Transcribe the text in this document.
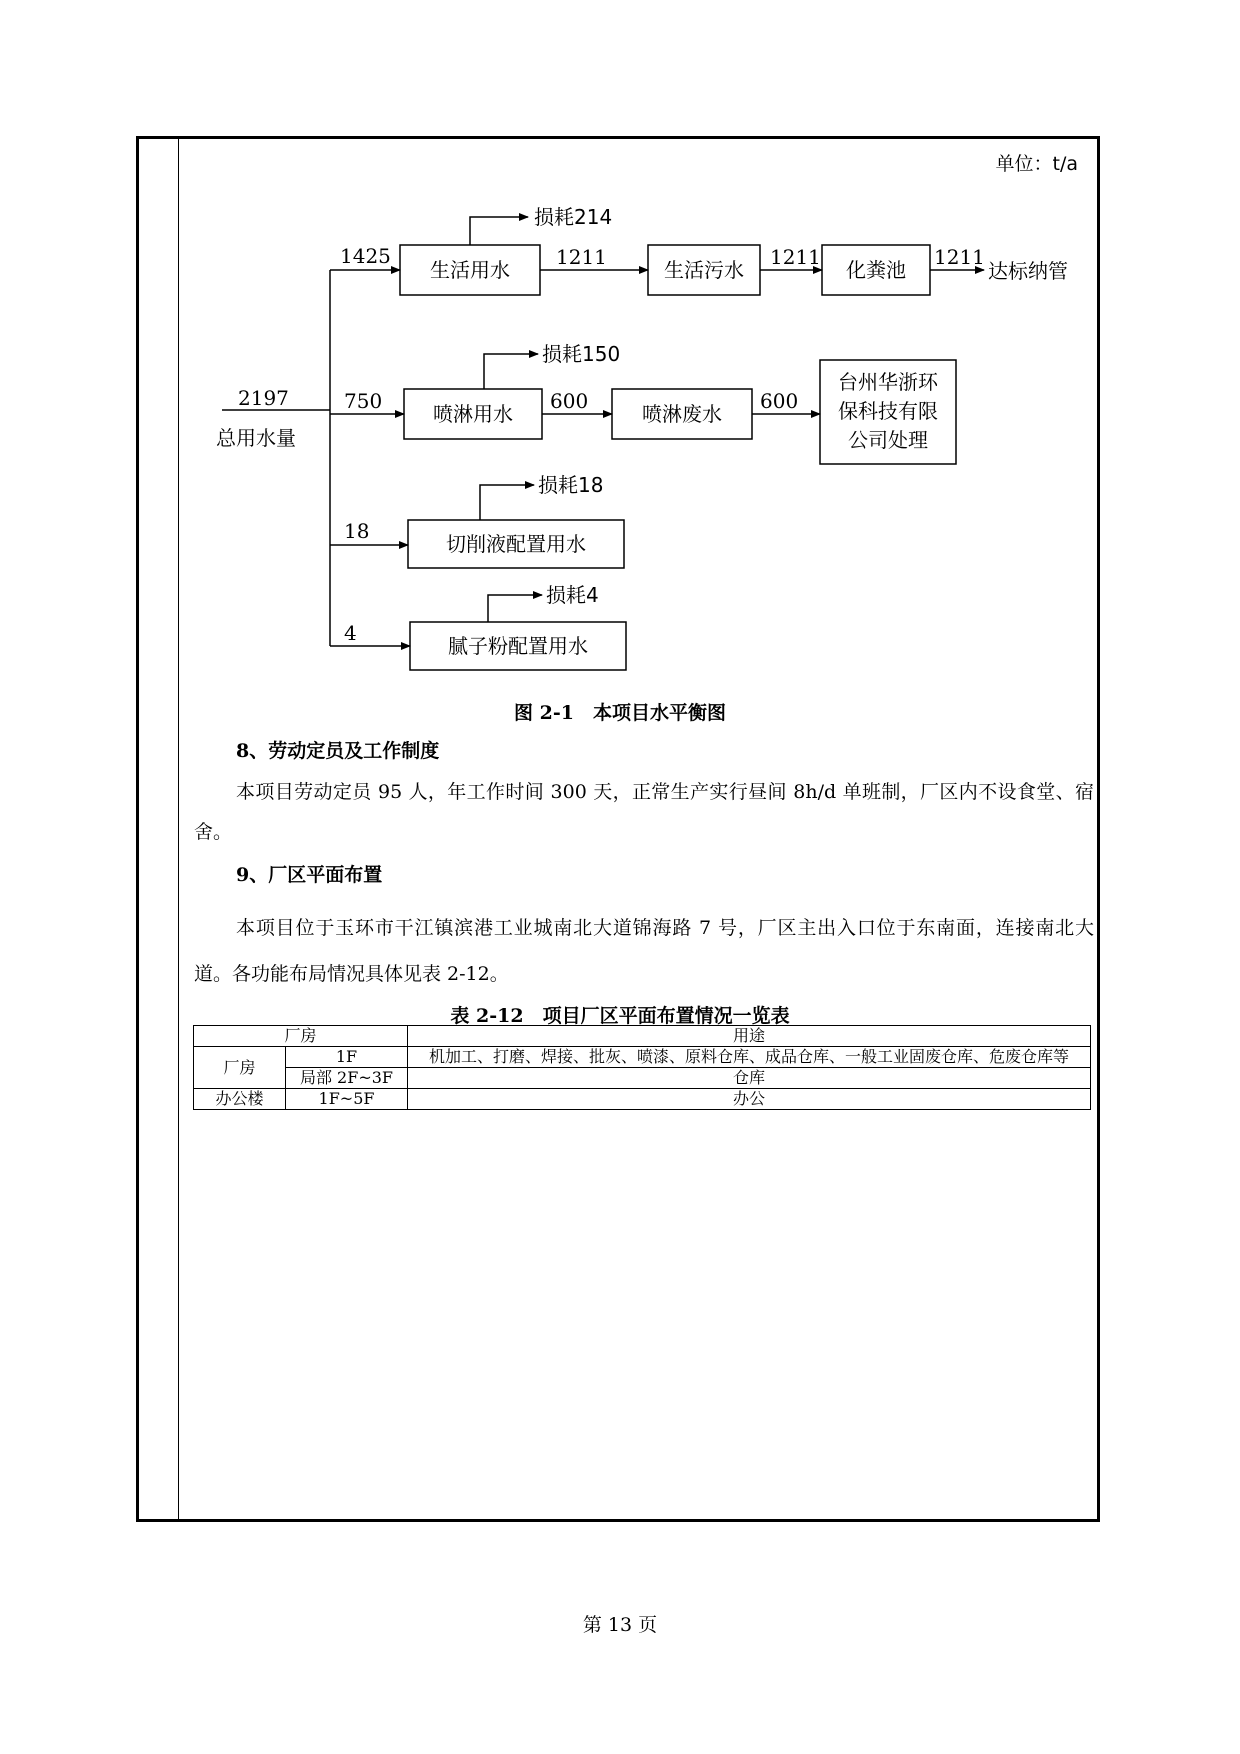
单位：t/a
2197
总用水量
1425
生活用水
损耗214
1211
生活污水
1211
化粪池
1211
达标纳管
750
喷淋用水
损耗150
600
喷淋废水
600
台州华浙环
保科技有限
公司处理
18
切削液配置用水
损耗18
4
腻子粉配置用水
损耗4
图 2-1　本项目水平衡图
8、劳动定员及工作制度

本项目劳动定员 95 人，年工作时间 300 天，正常生产实行昼间 8h/d 单班制，厂区内不设食堂、宿舍。

9、厂区平面布置

本项目位于玉环市干江镇滨港工业城南北大道锦海路 7 号，厂区主出入口位于东南面，连接南北大道。各功能布局情况具体见表 2-12。

表 2-12　项目厂区平面布置情况一览表
厂房		用途
厂房	1F	机加工、打磨、焊接、批灰、喷漆、原料仓库、成品仓库、一般工业固废仓库、危废仓库等
	局部 2F~3F	仓库
办公楼	1F~5F	办公
第 13 页
